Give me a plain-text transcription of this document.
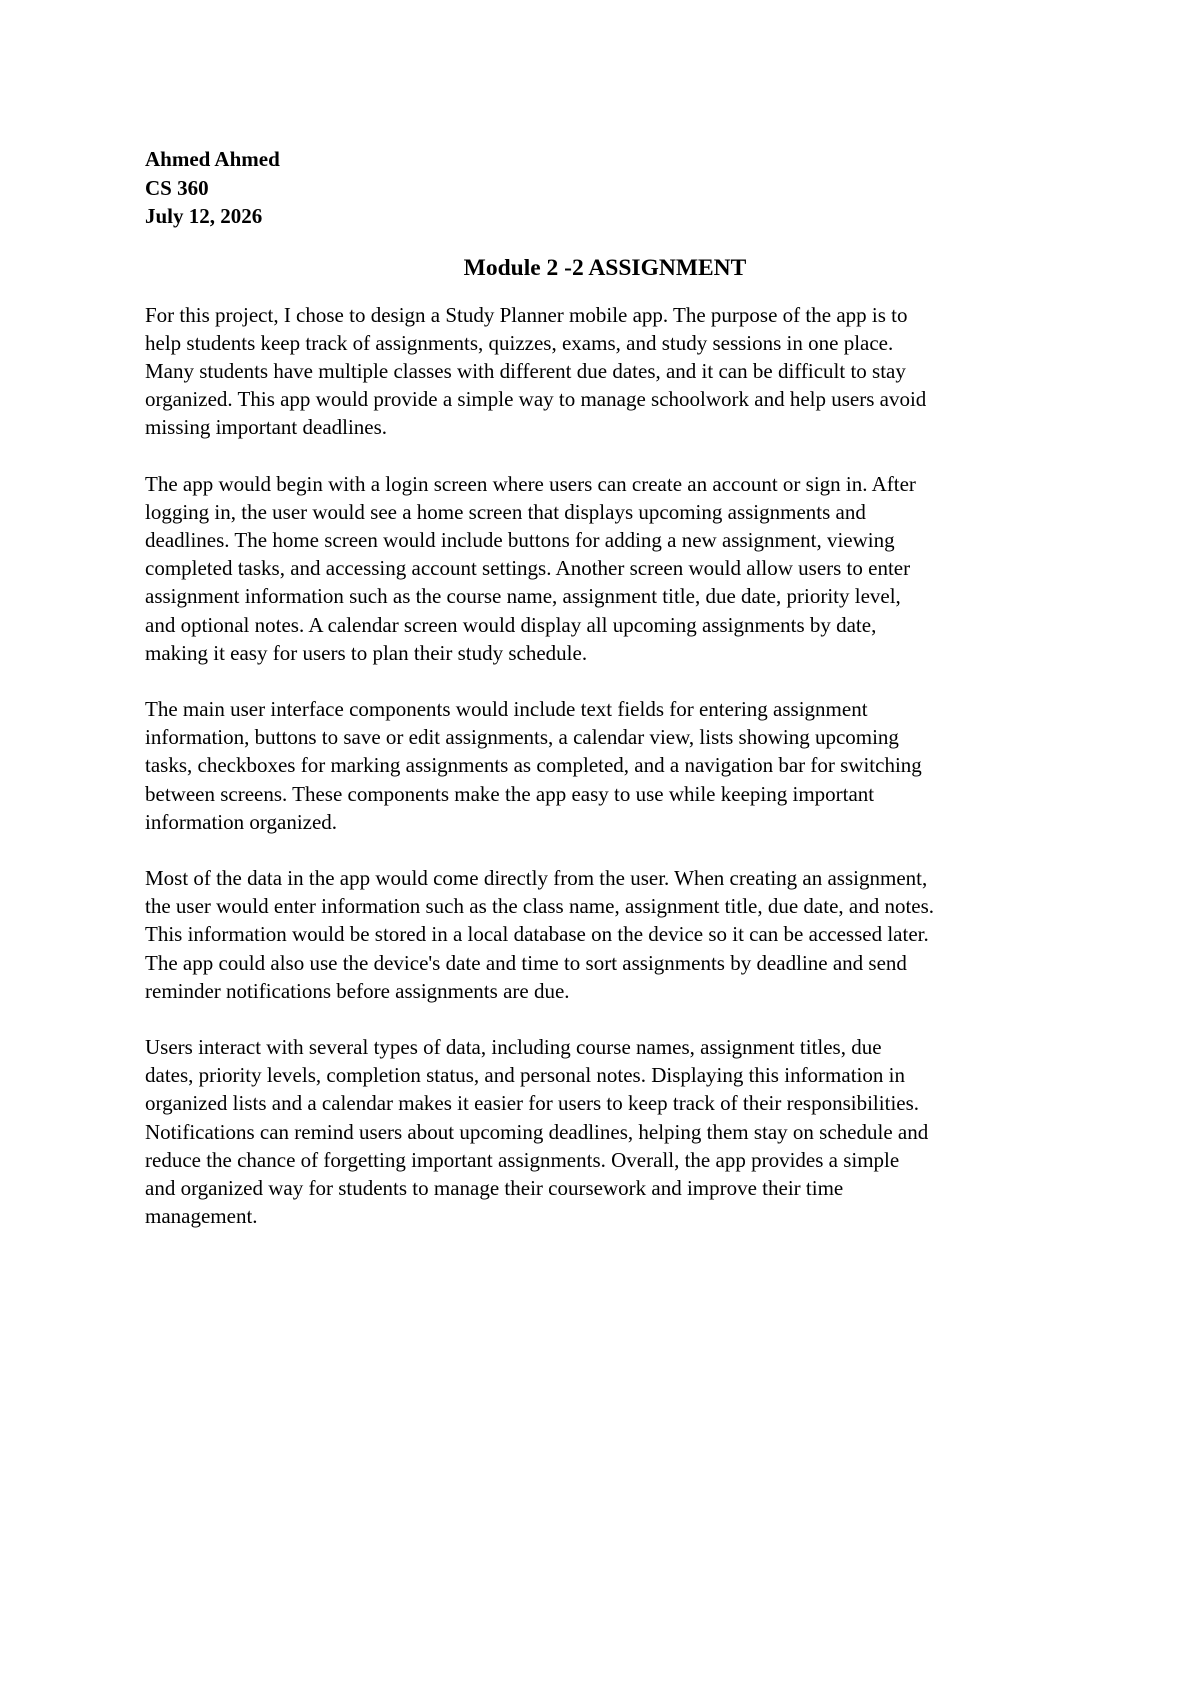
Ahmed Ahmed
CS 360
July 12, 2026
Module 2 -2 ASSIGNMENT
For this project, I chose to design a Study Planner mobile app. The purpose of the app is to
help students keep track of assignments, quizzes, exams, and study sessions in one place.
Many students have multiple classes with different due dates, and it can be difficult to stay
organized. This app would provide a simple way to manage schoolwork and help users avoid
missing important deadlines.
The app would begin with a login screen where users can create an account or sign in. After
logging in, the user would see a home screen that displays upcoming assignments and
deadlines. The home screen would include buttons for adding a new assignment, viewing
completed tasks, and accessing account settings. Another screen would allow users to enter
assignment information such as the course name, assignment title, due date, priority level,
and optional notes. A calendar screen would display all upcoming assignments by date,
making it easy for users to plan their study schedule.
The main user interface components would include text fields for entering assignment
information, buttons to save or edit assignments, a calendar view, lists showing upcoming
tasks, checkboxes for marking assignments as completed, and a navigation bar for switching
between screens. These components make the app easy to use while keeping important
information organized.
Most of the data in the app would come directly from the user. When creating an assignment,
the user would enter information such as the class name, assignment title, due date, and notes.
This information would be stored in a local database on the device so it can be accessed later.
The app could also use the device's date and time to sort assignments by deadline and send
reminder notifications before assignments are due.
Users interact with several types of data, including course names, assignment titles, due
dates, priority levels, completion status, and personal notes. Displaying this information in
organized lists and a calendar makes it easier for users to keep track of their responsibilities.
Notifications can remind users about upcoming deadlines, helping them stay on schedule and
reduce the chance of forgetting important assignments. Overall, the app provides a simple
and organized way for students to manage their coursework and improve their time
management.
